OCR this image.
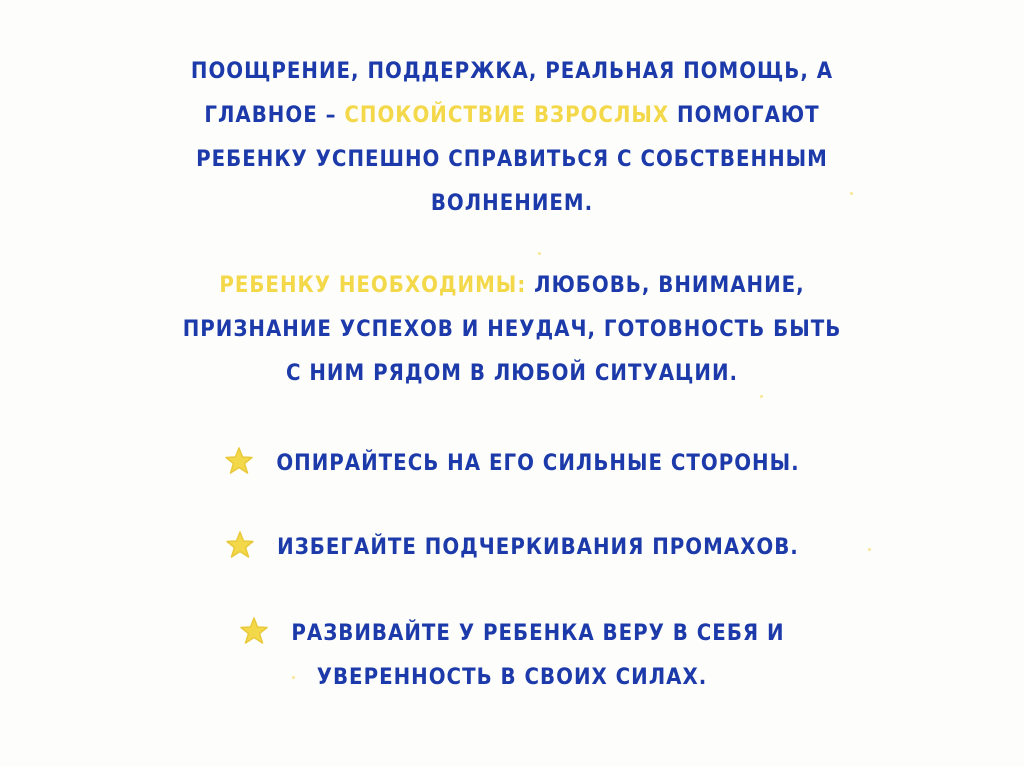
ПООЩРЕНИЕ, ПОДДЕРЖКА, РЕАЛЬНАЯ ПОМОЩЬ, А
ГЛАВНОЕ – СПОКОЙСТВИЕ ВЗРОСЛЫХ ПОМОГАЮТ
РЕБЕНКУ УСПЕШНО СПРАВИТЬСЯ С СОБСТВЕННЫМ
ВОЛНЕНИЕМ.
РЕБЕНКУ НЕОБХОДИМЫ: ЛЮБОВЬ, ВНИМАНИЕ,
ПРИЗНАНИЕ УСПЕХОВ И НЕУДАЧ, ГОТОВНОСТЬ БЫТЬ
С НИМ РЯДОМ В ЛЮБОЙ СИТУАЦИИ.
ОПИРАЙТЕСЬ НА ЕГО СИЛЬНЫЕ СТОРОНЫ.
ИЗБЕГАЙТЕ ПОДЧЕРКИВАНИЯ ПРОМАХОВ.
РАЗВИВАЙТЕ У РЕБЕНКА ВЕРУ В СЕБЯ И
УВЕРЕННОСТЬ В СВОИХ СИЛАХ.
